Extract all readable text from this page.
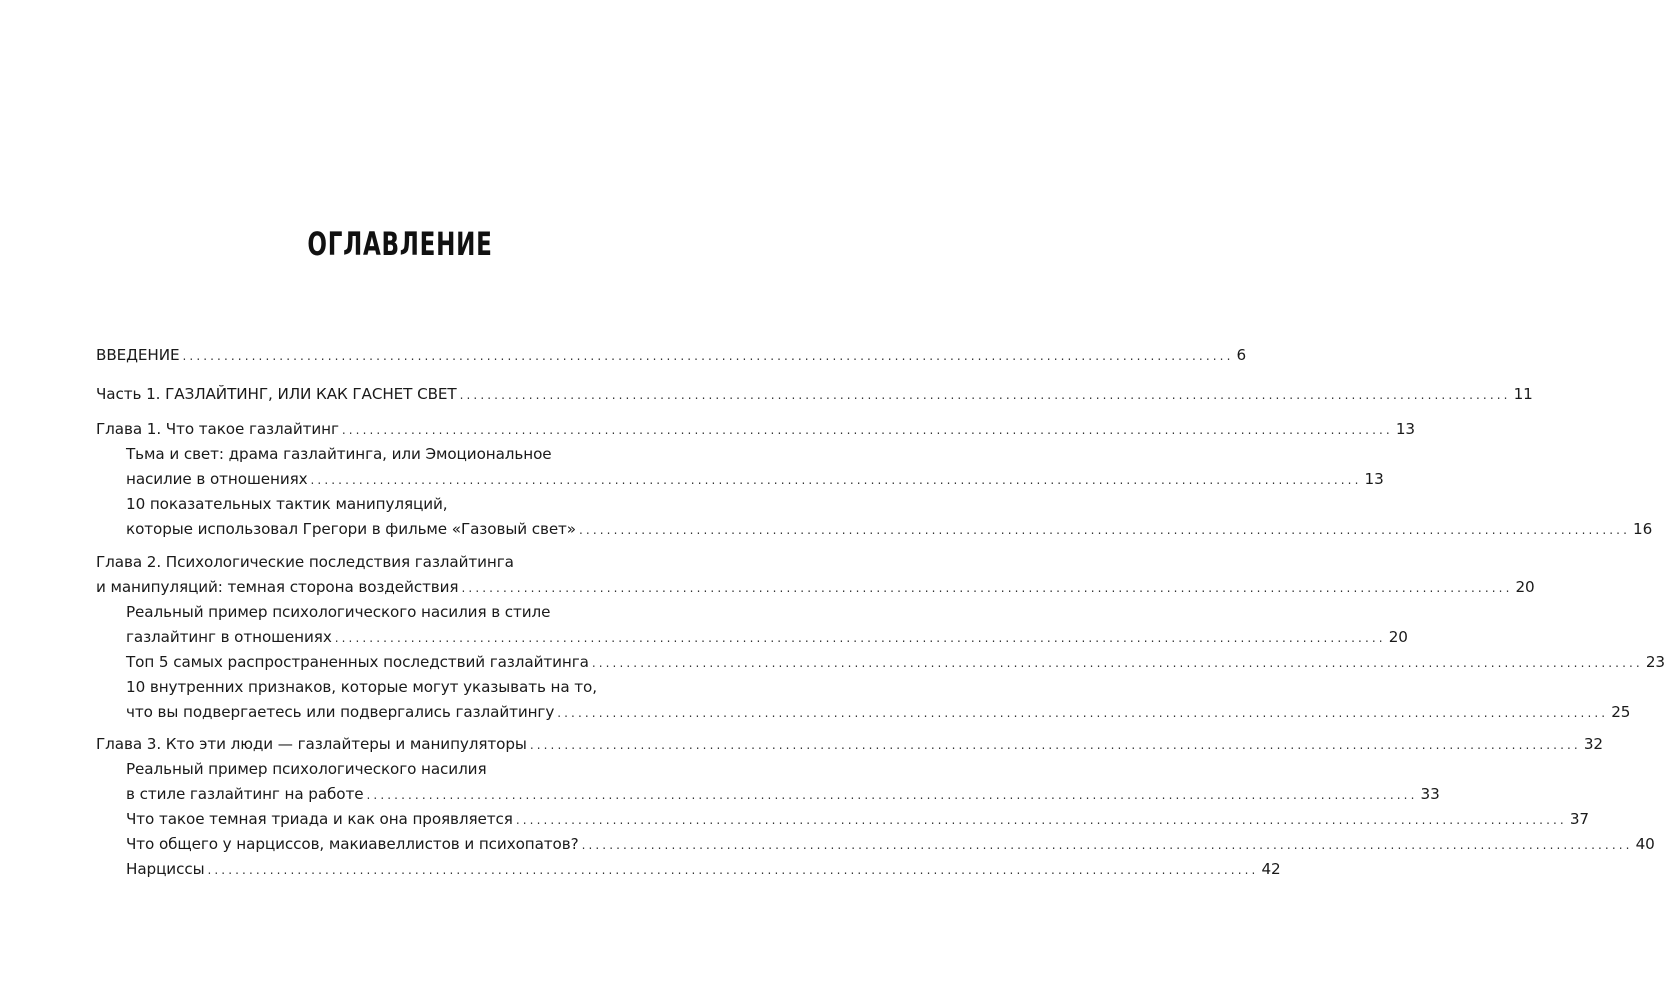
ОГЛАВЛЕНИЕ
ВВЕДЕНИЕ ........................................................................................................................................................ 6
Часть 1. ГАЗЛАЙТИНГ, ИЛИ КАК ГАСНЕТ СВЕТ ........................................................................................................................................................ 11
Глава 1. Что такое газлайтинг ........................................................................................................................................................ 13
Тьма и свет: драма газлайтинга, или Эмоциональное
насилие в отношениях ........................................................................................................................................................ 13
10 показательных тактик манипуляций,
которые использовал Грегори в фильме «Газовый свет» ........................................................................................................................................................ 16
Глава 2. Психологические последствия газлайтинга
и манипуляций: темная сторона воздействия ........................................................................................................................................................ 20
Реальный пример психологического насилия в стиле
газлайтинг в отношениях ........................................................................................................................................................ 20
Топ 5 самых распространенных последствий газлайтинга ........................................................................................................................................................ 23
10 внутренних признаков, которые могут указывать на то,
что вы подвергаетесь или подвергались газлайтингу ........................................................................................................................................................ 25
Глава 3. Кто эти люди — газлайтеры и манипуляторы ........................................................................................................................................................ 32
Реальный пример психологического насилия
в стиле газлайтинг на работе ........................................................................................................................................................ 33
Что такое темная триада и как она проявляется ........................................................................................................................................................ 37
Что общего у нарциссов, макиавеллистов и психопатов? ........................................................................................................................................................ 40
Нарциссы ........................................................................................................................................................ 42
